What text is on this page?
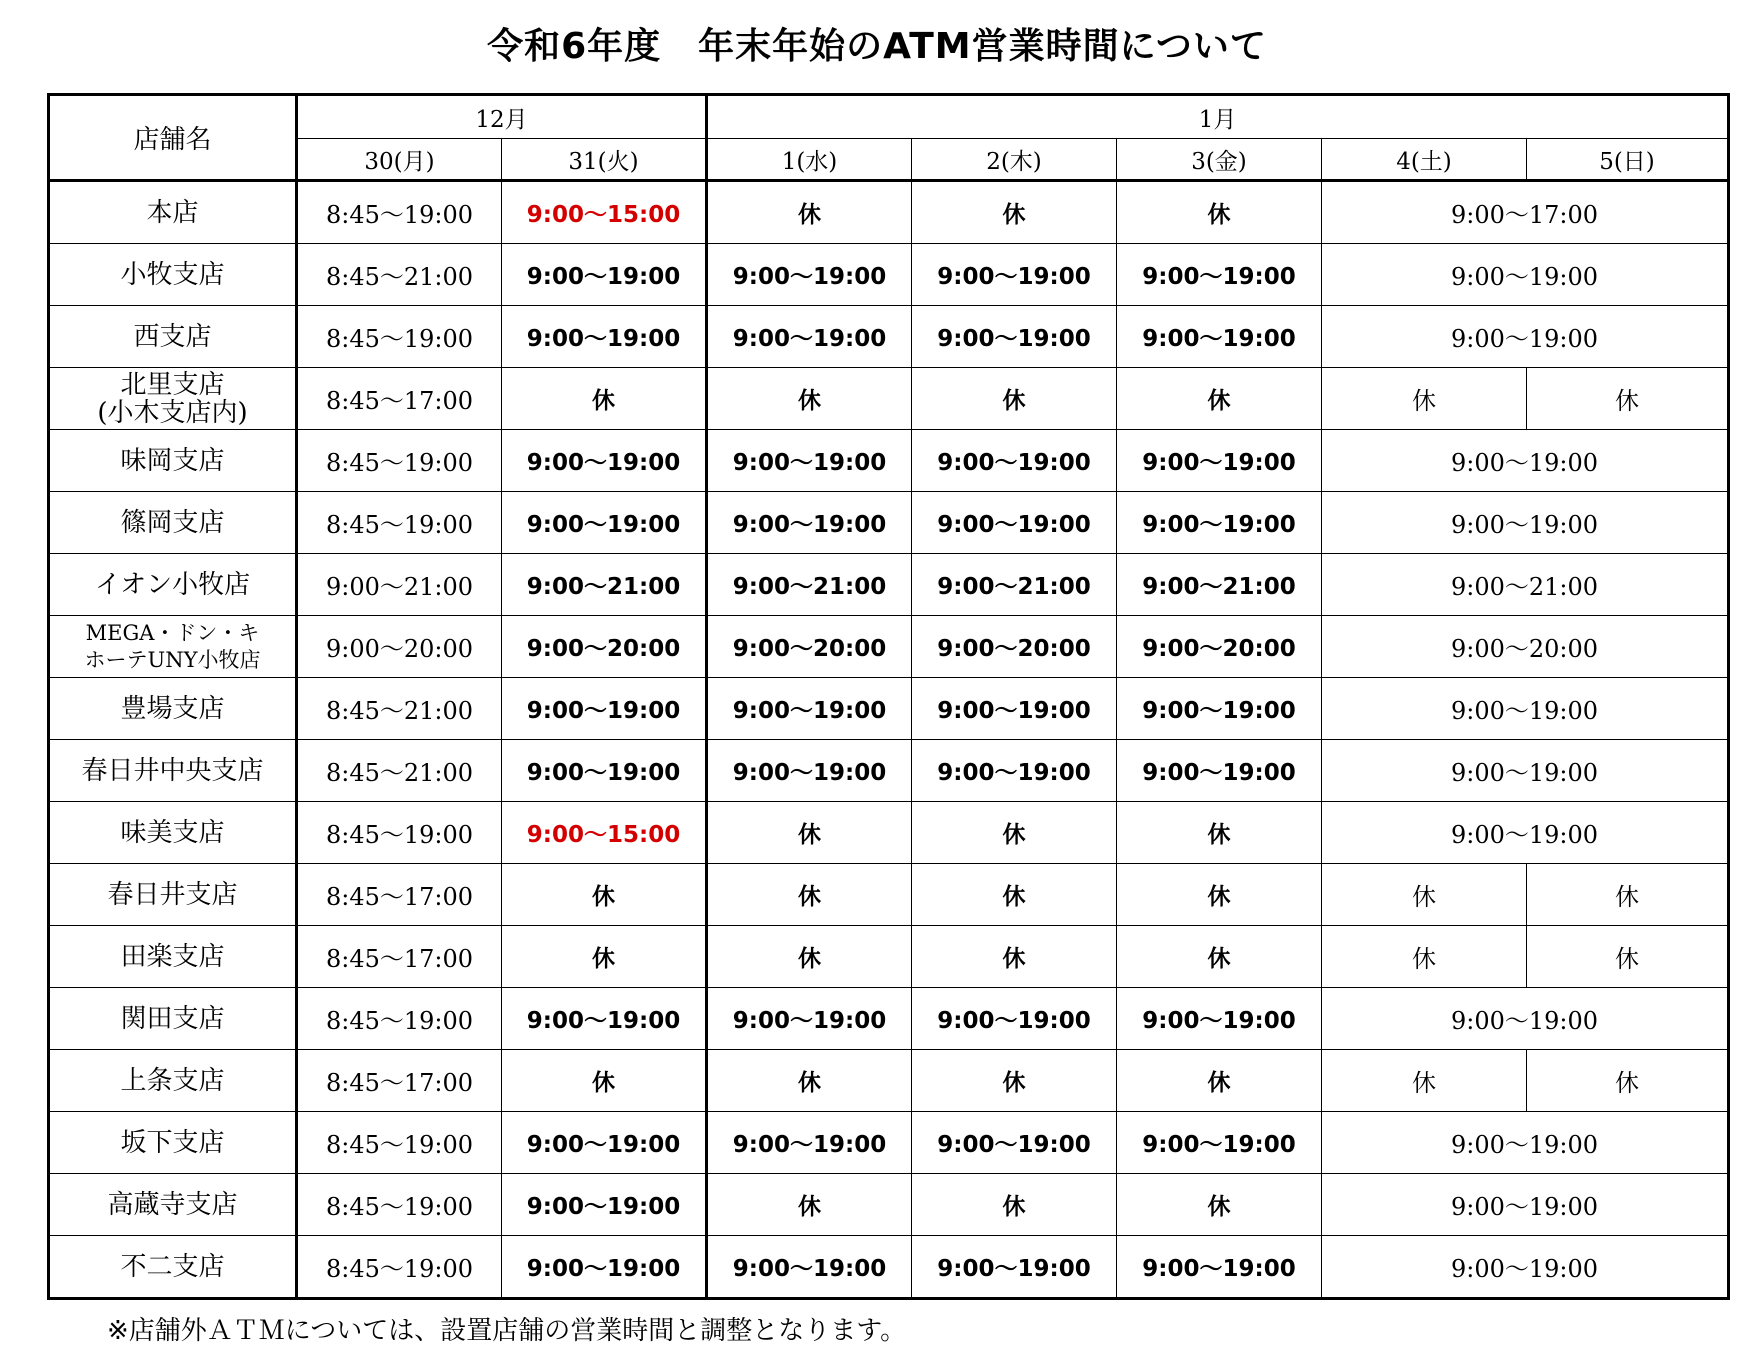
令和6年度　年末年始のATM営業時間について
店舗名	12月		1月				
	30(月)	31(火)	1(水)	2(木)	3(金)	4(土)	5(日)

本店	8:45～19:00	9:00～15:00	休	休	休	9:00～17:00	

小牧支店	8:45～21:00	9:00～19:00	9:00～19:00	9:00～19:00	9:00～19:00	9:00～19:00	

西支店	8:45～19:00	9:00～19:00	9:00～19:00	9:00～19:00	9:00～19:00	9:00～19:00	

北里支店
(小木支店内)	8:45～17:00	休	休	休	休	休	休

味岡支店	8:45～19:00	9:00～19:00	9:00～19:00	9:00～19:00	9:00～19:00	9:00～19:00	

篠岡支店	8:45～19:00	9:00～19:00	9:00～19:00	9:00～19:00	9:00～19:00	9:00～19:00	

イオン小牧店	9:00～21:00	9:00～21:00	9:00～21:00	9:00～21:00	9:00～21:00	9:00～21:00	

MEGA・ドン・キ
ホーテUNY小牧店	9:00～20:00	9:00～20:00	9:00～20:00	9:00～20:00	9:00～20:00	9:00～20:00	

豊場支店	8:45～21:00	9:00～19:00	9:00～19:00	9:00～19:00	9:00～19:00	9:00～19:00	

春日井中央支店	8:45～21:00	9:00～19:00	9:00～19:00	9:00～19:00	9:00～19:00	9:00～19:00	

味美支店	8:45～19:00	9:00～15:00	休	休	休	9:00～19:00	

春日井支店	8:45～17:00	休	休	休	休	休	休

田楽支店	8:45～17:00	休	休	休	休	休	休

関田支店	8:45～19:00	9:00～19:00	9:00～19:00	9:00～19:00	9:00～19:00	9:00～19:00	

上条支店	8:45～17:00	休	休	休	休	休	休

坂下支店	8:45～19:00	9:00～19:00	9:00～19:00	9:00～19:00	9:00～19:00	9:00～19:00	

高蔵寺支店	8:45～19:00	9:00～19:00	休	休	休	9:00～19:00	

不二支店	8:45～19:00	9:00～19:00	9:00～19:00	9:00～19:00	9:00～19:00	9:00～19:00	
※店舗外ＡＴＭについては、設置店舗の営業時間と調整となります。
